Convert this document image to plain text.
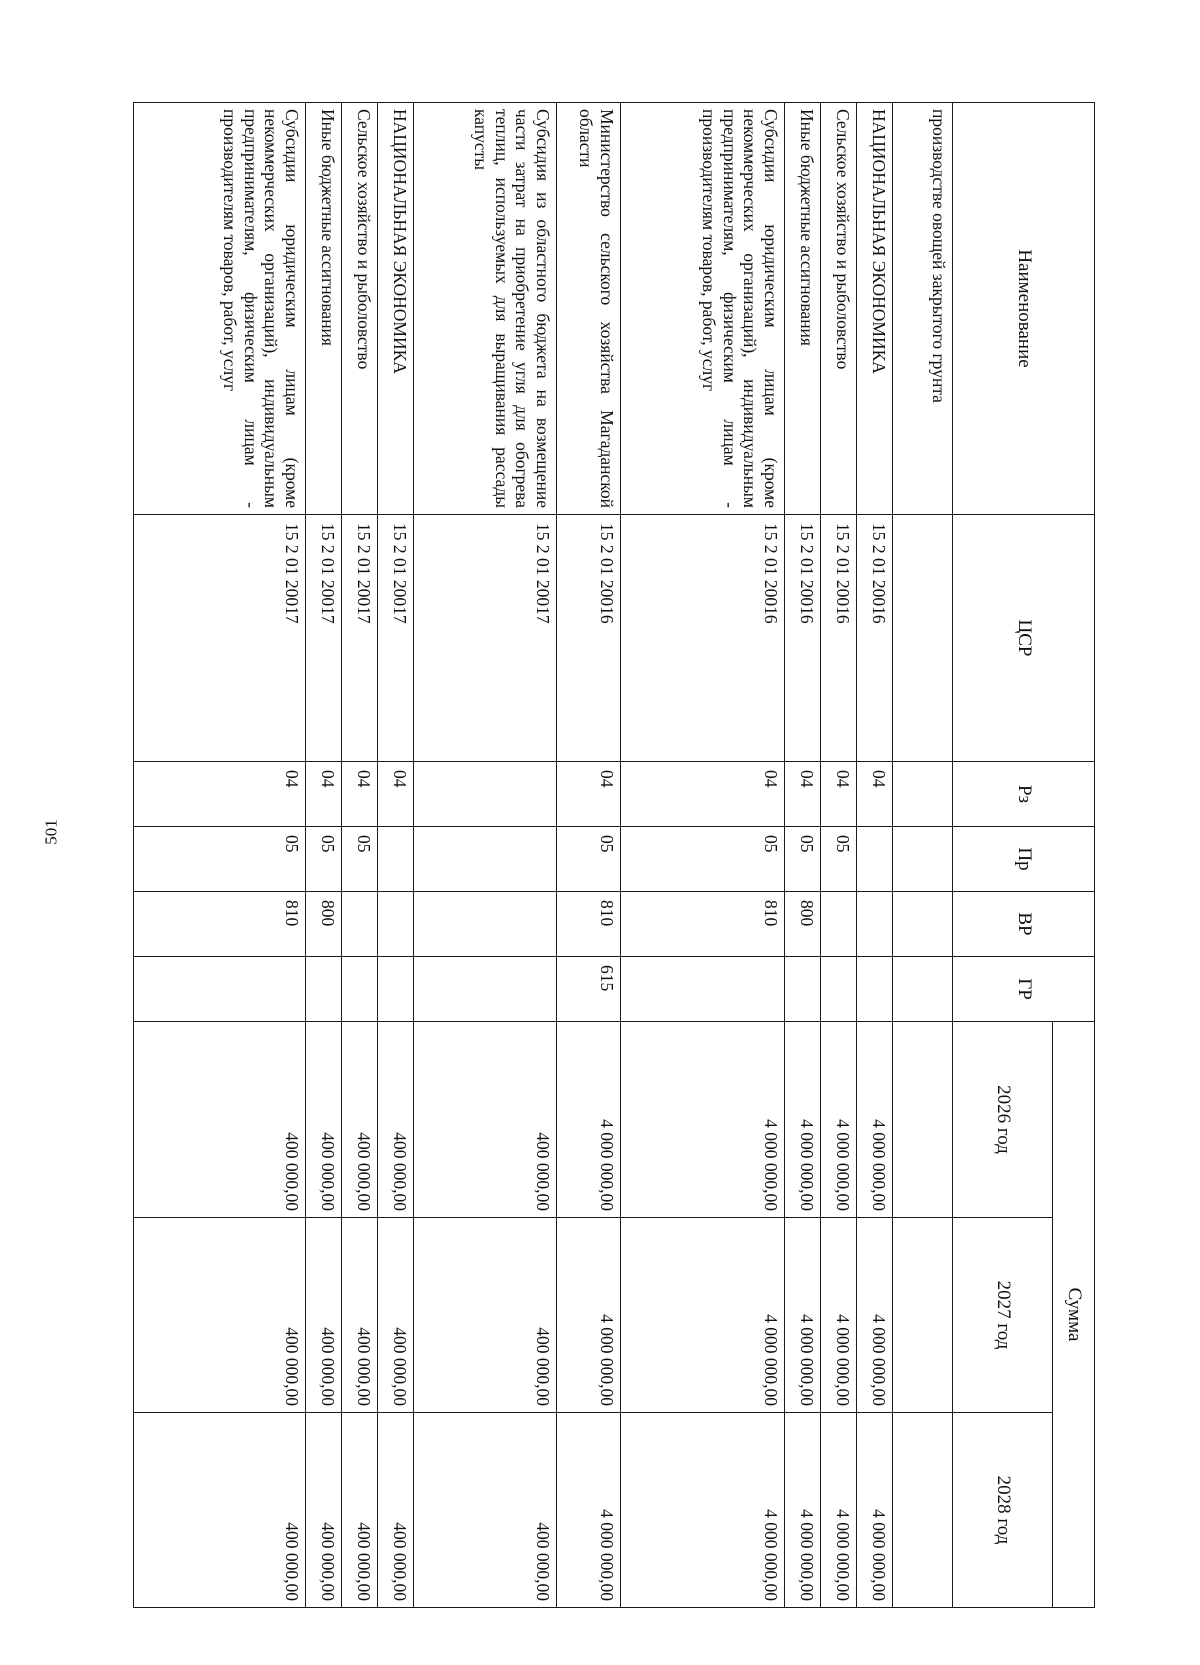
501
Наименование	ЦСР	Рз	Пр	ВР	ГР	Сумма		
						2026 год	2027 год	2028 год
производстве овощей закрытого грунта								
НАЦИОНАЛЬНАЯ ЭКОНОМИКА	15 2 01 20016	04				4 000 000,00	4 000 000,00	4 000 000,00
Сельское хозяйство и рыболовство	15 2 01 20016	04	05			4 000 000,00	4 000 000,00	4 000 000,00
Иные бюджетные ассигнования	15 2 01 20016	04	05	800		4 000 000,00	4 000 000,00	4 000 000,00
Субсидии юридическим лицам (кроме некоммерческих организаций), индивидуальным предпринимателям, физическим лицам - производителям товаров, работ, услуг	15 2 01 20016	04	05	810		4 000 000,00	4 000 000,00	4 000 000,00
Министерство сельского хозяйства Магаданской области	15 2 01 20016	04	05	810	615	4 000 000,00	4 000 000,00	4 000 000,00
Субсидия из областного бюджета на возмещение части затрат на приобретение угля для обогрева теплиц, используемых для выращивания рассады капусты	15 2 01 20017					400 000,00	400 000,00	400 000,00
НАЦИОНАЛЬНАЯ ЭКОНОМИКА	15 2 01 20017	04				400 000,00	400 000,00	400 000,00
Сельское хозяйство и рыболовство	15 2 01 20017	04	05			400 000,00	400 000,00	400 000,00
Иные бюджетные ассигнования	15 2 01 20017	04	05	800		400 000,00	400 000,00	400 000,00
Субсидии юридическим лицам (кроме некоммерческих организаций), индивидуальным предпринимателям, физическим лицам - производителям товаров, работ, услуг	15 2 01 20017	04	05	810		400 000,00	400 000,00	400 000,00
